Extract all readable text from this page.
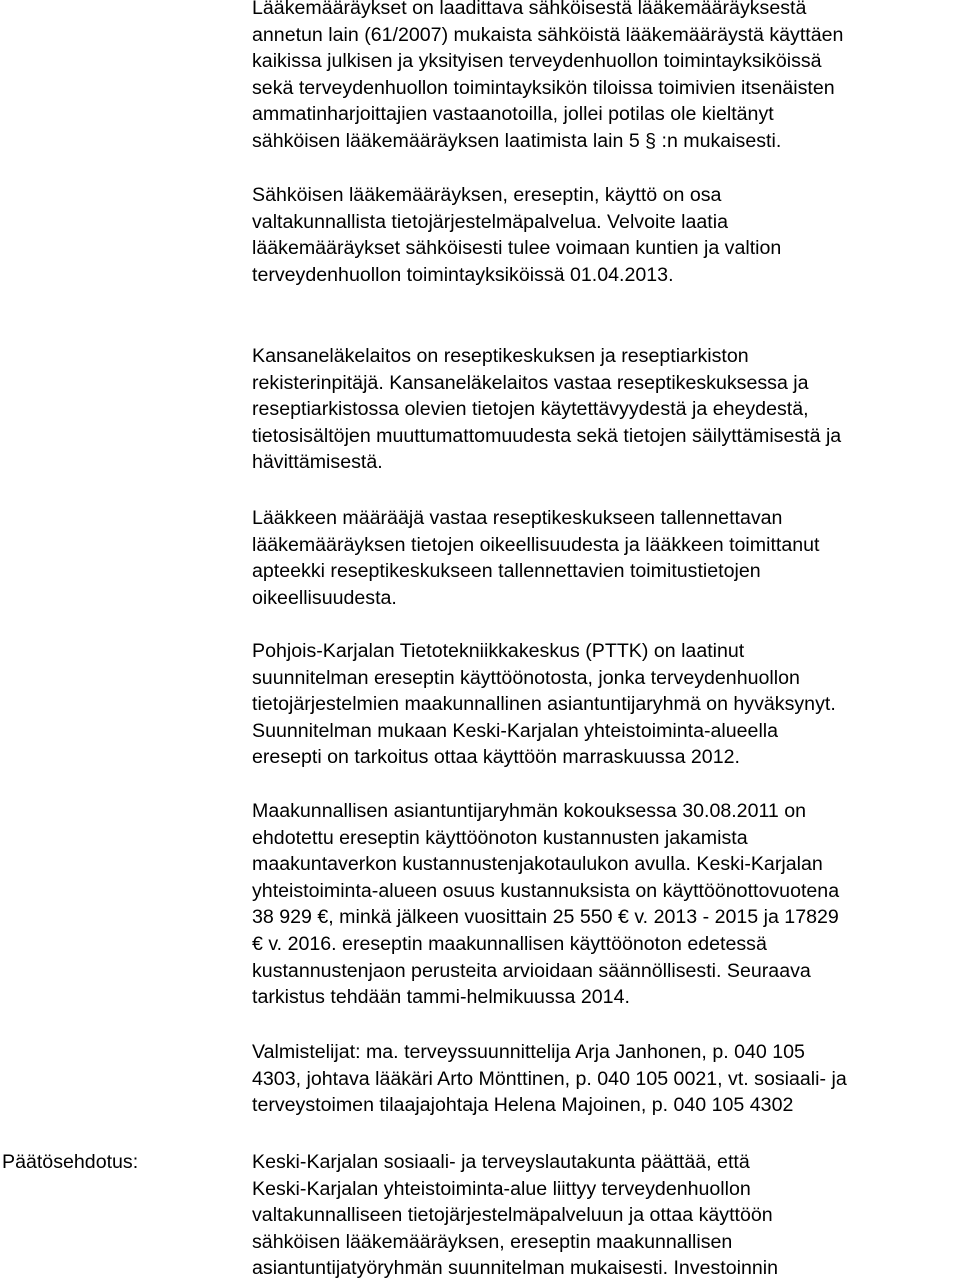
Päätösehdotus:

Lääkemääräykset on laadittava sähköisestä lääkemääräyksestä
annetun lain (61/2007) mukaista sähköistä lääkemääräystä käyttäen
kaikissa julkisen ja yksityisen terveydenhuollon toimintayksiköissä
sekä terveydenhuollon toimintayksikön tiloissa toimivien itsenäisten
ammatinharjoittajien vastaanotoilla, jollei potilas ole kieltänyt
sähköisen lääkemääräyksen laatimista lain 5 § :n mukaisesti.

Sähköisen lääkemääräyksen, ereseptin, käyttö on osa
valtakunnallista tietojärjestelmäpalvelua. Velvoite laatia
lääkemääräykset sähköisesti tulee voimaan kuntien ja valtion
terveydenhuollon toimintayksiköissä 01.04.2013.

Kansaneläkelaitos on reseptikeskuksen ja reseptiarkiston
rekisterinpitäjä. Kansaneläkelaitos vastaa reseptikeskuksessa ja
reseptiarkistossa olevien tietojen käytettävyydestä ja eheydestä,
tietosisältöjen muuttumattomuudesta sekä tietojen säilyttämisestä ja
hävittämisestä.

Lääkkeen määrääjä vastaa reseptikeskukseen tallennettavan
lääkemääräyksen tietojen oikeellisuudesta ja lääkkeen toimittanut
apteekki reseptikeskukseen tallennettavien toimitustietojen
oikeellisuudesta.

Pohjois-Karjalan Tietotekniikkakeskus (PTTK) on laatinut
suunnitelman ereseptin käyttöönotosta, jonka terveydenhuollon
tietojärjestelmien maakunnallinen asiantuntijaryhmä on hyväksynyt.
Suunnitelman mukaan Keski-Karjalan yhteistoiminta-alueella
eresepti on tarkoitus ottaa käyttöön marraskuussa 2012.

Maakunnallisen asiantuntijaryhmän kokouksessa 30.08.2011 on
ehdotettu ereseptin käyttöönoton kustannusten jakamista
maakuntaverkon kustannustenjakotaulukon avulla. Keski-Karjalan
yhteistoiminta-alueen osuus kustannuksista on käyttöönottovuotena
38 929 €, minkä jälkeen vuosittain 25 550 € v. 2013 - 2015 ja 17829
€ v. 2016. ereseptin maakunnallisen käyttöönoton edetessä
kustannustenjaon perusteita arvioidaan säännöllisesti. Seuraava
tarkistus tehdään tammi-helmikuussa 2014.

Valmistelijat: ma. terveyssuunnittelija Arja Janhonen, p. 040 105
4303, johtava lääkäri Arto Mönttinen, p. 040 105 0021, vt. sosiaali- ja
terveystoimen tilaajajohtaja Helena Majoinen, p. 040 105 4302

Keski-Karjalan sosiaali- ja terveyslautakunta päättää, että
Keski-Karjalan yhteistoiminta-alue liittyy terveydenhuollon
valtakunnalliseen tietojärjestelmäpalveluun ja ottaa käyttöön
sähköisen lääkemääräyksen, ereseptin maakunnallisen
asiantuntijatyöryhmän suunnitelman mukaisesti. Investoinnin
